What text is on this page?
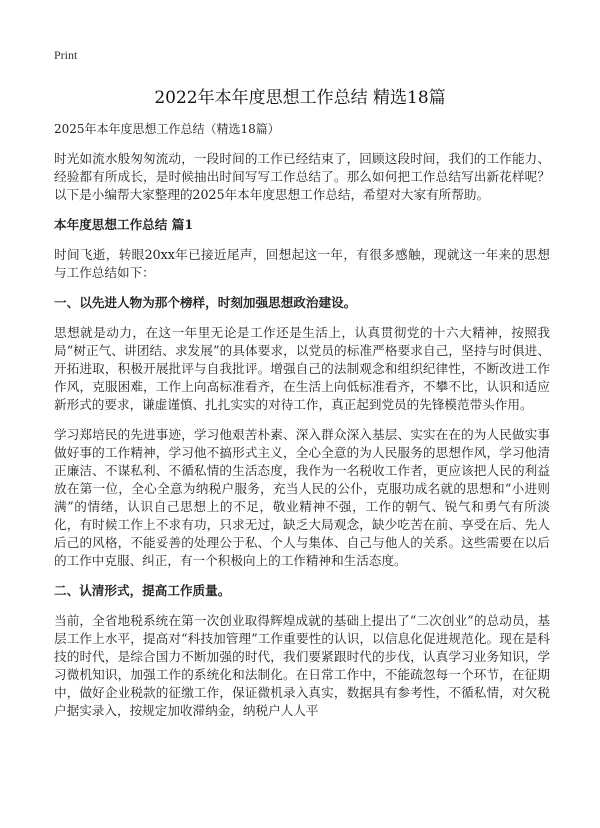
Print
2022年本年度思想工作总结 精选18篇
2025年本年度思想工作总结（精选18篇）

时光如流水般匆匆流动，一段时间的工作已经结束了，回顾这段时间，我们的工作能力、经验都有所成长，是时候抽出时间写写工作总结了。那么如何把工作总结写出新花样呢？以下是小编帮大家整理的2025年本年度思想工作总结，希望对大家有所帮助。

本年度思想工作总结 篇1

时间飞逝，转眼20xx年已接近尾声，回想起这一年，有很多感触，现就这一年来的思想与工作总结如下：

一、以先进人物为那个榜样，时刻加强思想政治建设。

思想就是动力，在这一年里无论是工作还是生活上，认真贯彻党的十六大精神，按照我局“树正气、讲团结、求发展”的具体要求，以党员的标准严格要求自己，坚持与时俱进、开拓进取，积极开展批评与自我批评。增强自己的法制观念和组织纪律性，不断改进工作作风，克服困难，工作上向高标准看齐，在生活上向低标准看齐，不攀不比，认识和适应新形式的要求，谦虚谨慎、扎扎实实的对待工作，真正起到党员的先锋模范带头作用。

学习郑培民的先进事迹，学习他艰苦朴素、深入群众深入基层、实实在在的为人民做实事做好事的工作精神，学习他不搞形式主义，全心全意的为人民服务的思想作风，学习他清正廉洁、不谋私利、不循私情的生活态度，我作为一名税收工作者，更应该把人民的利益放在第一位，全心全意为纳税户服务，充当人民的公仆，克服功成名就的思想和“小进则满”的情绪，认识自己思想上的不足，敬业精神不强，工作的朝气、锐气和勇气有所淡化，有时候工作上不求有功，只求无过，缺乏大局观念，缺少吃苦在前、享受在后、先人后己的风格，不能妥善的处理公于私、个人与集体、自己与他人的关系。这些需要在以后的工作中克服、纠正，有一个积极向上的工作精神和生活态度。

二、认清形式，提高工作质量。

当前，全省地税系统在第一次创业取得辉煌成就的基础上提出了“二次创业”的总动员，基层工作上水平，提高对“科技加管理”工作重要性的认识，以信息化促进规范化。现在是科技的时代，是综合国力不断加强的时代，我们要紧跟时代的步伐，认真学习业务知识，学习微机知识，加强工作的系统化和法制化。在日常工作中，不能疏忽每一个环节，在征期中，做好企业税款的征缴工作，保证微机录入真实，数据具有参考性，不循私情，对欠税户据实录入，按规定加收滞纳金，纳税户人人平
